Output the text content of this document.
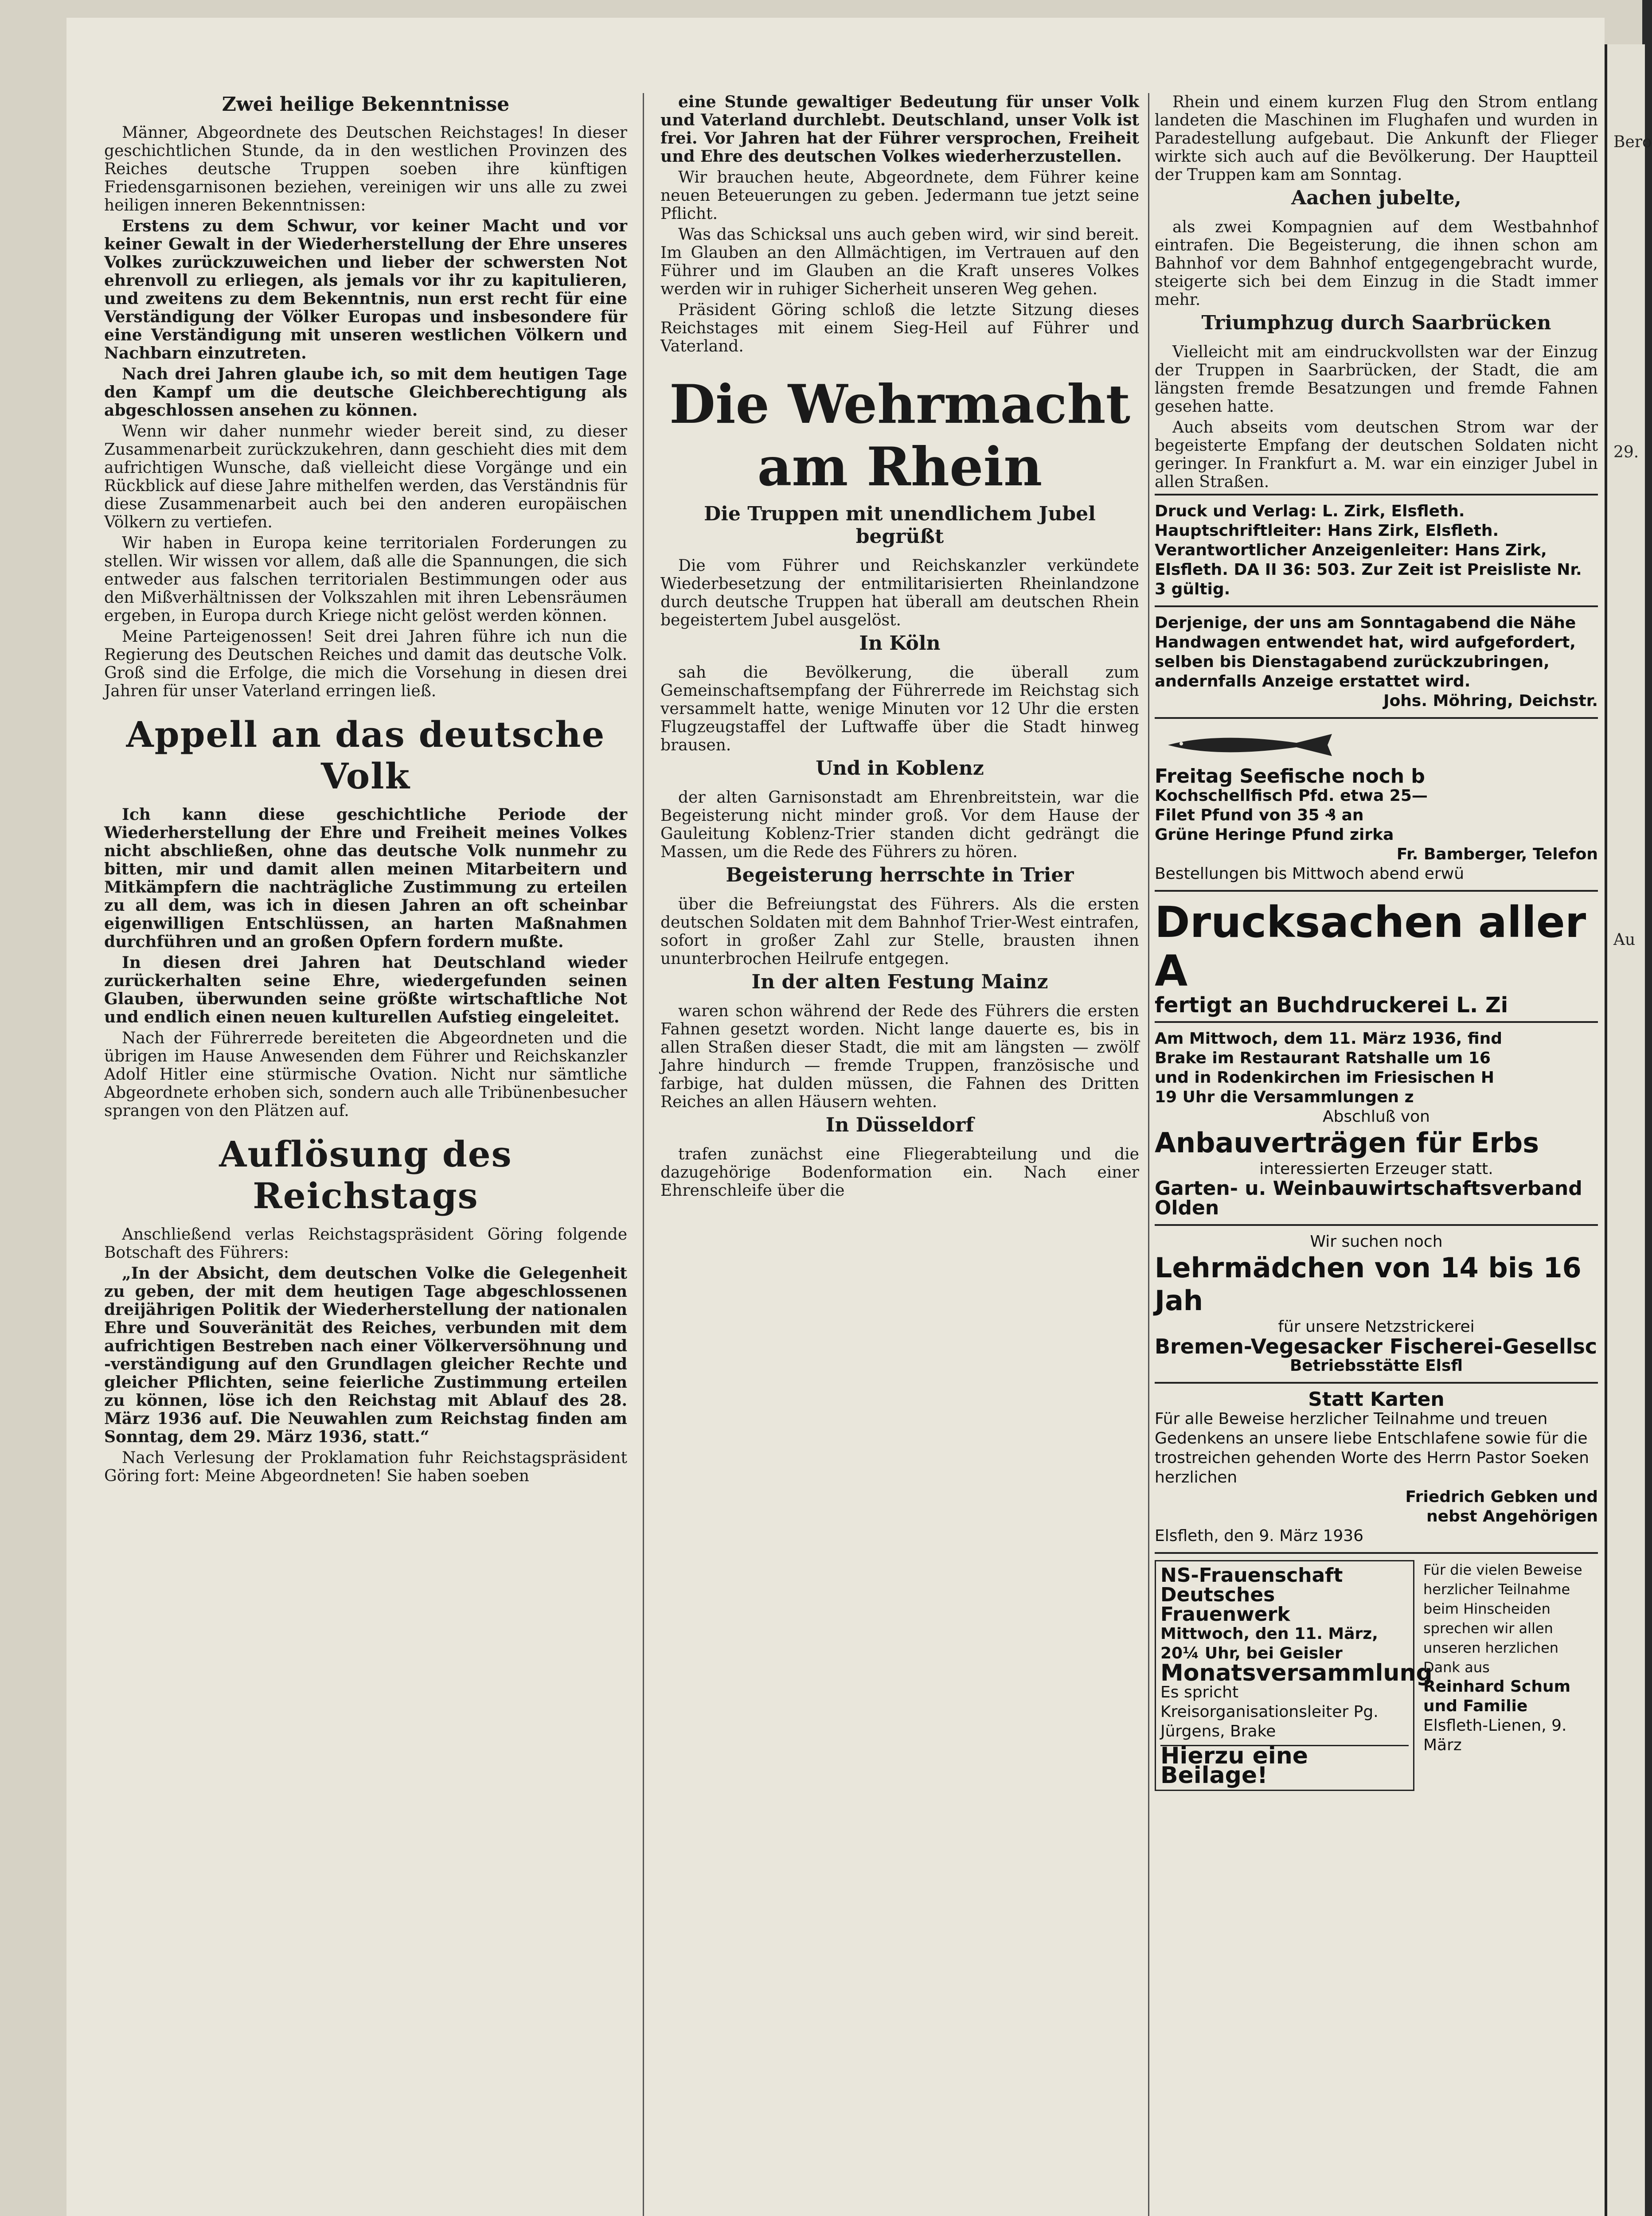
Bero
29.
Au
Zwei heilige Bekenntnisse

Männer, Abgeordnete des Deutschen Reichstages! In dieser geschichtlichen Stunde, da in den westlichen Provinzen des Reiches deutsche Truppen soeben ihre künftigen Friedensgarnisonen beziehen, vereinigen wir uns alle zu zwei heiligen inneren Bekenntnissen:

Erstens zu dem Schwur, vor keiner Macht und vor keiner Gewalt in der Wiederherstellung der Ehre unseres Volkes zurückzuweichen und lieber der schwersten Not ehrenvoll zu erliegen, als jemals vor ihr zu kapitulieren, und zweitens zu dem Bekenntnis, nun erst recht für eine Verständigung der Völker Europas und insbesondere für eine Verständigung mit unseren westlichen Völkern und Nachbarn einzutreten.

Nach drei Jahren glaube ich, so mit dem heutigen Tage den Kampf um die deutsche Gleichberechtigung als abgeschlossen ansehen zu können.

Wenn wir daher nunmehr wieder bereit sind, zu dieser Zusammenarbeit zurückzukehren, dann geschieht dies mit dem aufrichtigen Wunsche, daß vielleicht diese Vorgänge und ein Rückblick auf diese Jahre mithelfen werden, das Verständnis für diese Zusammenarbeit auch bei den anderen europäischen Völkern zu vertiefen.

Wir haben in Europa keine territorialen Forderungen zu stellen. Wir wissen vor allem, daß alle die Spannungen, die sich entweder aus falschen territorialen Bestimmungen oder aus den Mißverhältnissen der Volkszahlen mit ihren Lebensräumen ergeben, in Europa durch Kriege nicht gelöst werden können.

Meine Parteigenossen! Seit drei Jahren führe ich nun die Regierung des Deutschen Reiches und damit das deutsche Volk. Groß sind die Erfolge, die mich die Vorsehung in diesen drei Jahren für unser Vaterland erringen ließ.

Appell an das deutsche Volk

Ich kann diese geschichtliche Periode der Wiederherstellung der Ehre und Freiheit meines Volkes nicht abschließen, ohne das deutsche Volk nunmehr zu bitten, mir und damit allen meinen Mitarbeitern und Mitkämpfern die nachträgliche Zustimmung zu erteilen zu all dem, was ich in diesen Jahren an oft scheinbar eigenwilligen Entschlüssen, an harten Maßnahmen durchführen und an großen Opfern fordern mußte.

In diesen drei Jahren hat Deutschland wieder zurückerhalten seine Ehre, wiedergefunden seinen Glauben, überwunden seine größte wirtschaftliche Not und endlich einen neuen kulturellen Aufstieg eingeleitet.

Nach der Führerrede bereiteten die Abgeordneten und die übrigen im Hause Anwesenden dem Führer und Reichskanzler Adolf Hitler eine stürmische Ovation. Nicht nur sämtliche Abgeordnete erhoben sich, sondern auch alle Tribünenbesucher sprangen von den Plätzen auf.

Auflösung des Reichstags

Anschließend verlas Reichstagspräsident Göring folgende Botschaft des Führers:

„In der Absicht, dem deutschen Volke die Gelegenheit zu geben, der mit dem heutigen Tage abgeschlossenen dreijährigen Politik der Wiederherstellung der nationalen Ehre und Souveränität des Reiches, verbunden mit dem aufrichtigen Bestreben nach einer Völkerversöhnung und -verständigung auf den Grundlagen gleicher Rechte und gleicher Pflichten, seine feierliche Zustimmung erteilen zu können, löse ich den Reichstag mit Ablauf des 28. März 1936 auf. Die Neuwahlen zum Reichstag finden am Sonntag, dem 29. März 1936, statt.“

Nach Verlesung der Proklamation fuhr Reichstagspräsident Göring fort: Meine Abgeordneten! Sie haben soeben

eine Stunde gewaltiger Bedeutung für unser Volk und Vaterland durchlebt. Deutschland, unser Volk ist frei. Vor Jahren hat der Führer versprochen, Freiheit und Ehre des deutschen Volkes wiederherzustellen.

Wir brauchen heute, Abgeordnete, dem Führer keine neuen Beteuerungen zu geben. Jedermann tue jetzt seine Pflicht.

Was das Schicksal uns auch geben wird, wir sind bereit. Im Glauben an den Allmächtigen, im Vertrauen auf den Führer und im Glauben an die Kraft unseres Volkes werden wir in ruhiger Sicherheit unseren Weg gehen.

Präsident Göring schloß die letzte Sitzung dieses Reichstages mit einem Sieg-Heil auf Führer und Vaterland.

Die Wehrmacht am Rhein
Die Truppen mit unendlichem Jubel begrüßt

Die vom Führer und Reichskanzler verkündete Wiederbesetzung der entmilitarisierten Rheinlandzone durch deutsche Truppen hat überall am deutschen Rhein begeistertem Jubel ausgelöst.

In Köln

sah die Bevölkerung, die überall zum Gemeinschaftsempfang der Führerrede im Reichstag sich versammelt hatte, wenige Minuten vor 12 Uhr die ersten Flugzeugstaffel der Luftwaffe über die Stadt hinweg brausen.

Und in Koblenz

der alten Garnisonstadt am Ehrenbreitstein, war die Begeisterung nicht minder groß. Vor dem Hause der Gauleitung Koblenz-Trier standen dicht gedrängt die Massen, um die Rede des Führers zu hören.

Begeisterung herrschte in Trier

über die Befreiungstat des Führers. Als die ersten deutschen Soldaten mit dem Bahnhof Trier-West eintrafen, sofort in großer Zahl zur Stelle, brausten ihnen ununterbrochen Heilrufe entgegen.

In der alten Festung Mainz

waren schon während der Rede des Führers die ersten Fahnen gesetzt worden. Nicht lange dauerte es, bis in allen Straßen dieser Stadt, die mit am längsten — zwölf Jahre hindurch — fremde Truppen, französische und farbige, hat dulden müssen, die Fahnen des Dritten Reiches an allen Häusern wehten.

In Düsseldorf

trafen zunächst eine Fliegerabteilung und die dazugehörige Bodenformation ein. Nach einer Ehrenschleife über die

Rhein und einem kurzen Flug den Strom entlang landeten die Maschinen im Flughafen und wurden in Paradestellung aufgebaut. Die Ankunft der Flieger wirkte sich auch auf die Bevölkerung. Der Hauptteil der Truppen kam am Sonntag.

Aachen jubelte,

als zwei Kompagnien auf dem Westbahnhof eintrafen. Die Begeisterung, die ihnen schon am Bahnhof vor dem Bahnhof entgegengebracht wurde, steigerte sich bei dem Einzug in die Stadt immer mehr.

Triumphzug durch Saarbrücken

Vielleicht mit am eindruckvollsten war der Einzug der Truppen in Saarbrücken, der Stadt, die am längsten fremde Besatzungen und fremde Fahnen gesehen hatte.

Auch abseits vom deutschen Strom war der begeisterte Empfang der deutschen Soldaten nicht geringer. In Frankfurt a. M. war ein einziger Jubel in allen Straßen.

Druck und Verlag: L. Zirk, Elsfleth. Hauptschriftleiter: Hans Zirk, Elsfleth. Verantwortlicher Anzeigenleiter: Hans Zirk, Elsfleth. DA II 36: 503. Zur Zeit ist Preisliste Nr. 3 gültig.
Derjenige, der uns am Sonntagabend die Nähe Handwagen entwendet hat, wird aufgefordert, selben bis Dienstagabend zurückzubringen, andernfalls Anzeige erstattet wird.
Johs. Möhring, Deichstr.
Freitag Seefische noch b
Kochschellfisch Pfd. etwa 25—
Filet Pfund von 35 ₰ an
Grüne Heringe Pfund zirka
Fr. Bamberger, Telefon
Bestellungen bis Mittwoch abend erwü
Drucksachen aller A
fertigt an Buchdruckerei L. Zi
Am Mittwoch, dem 11. März 1936, find
Brake im Restaurant Ratshalle um 16
und in Rodenkirchen im Friesischen H
19 Uhr die Versammlungen z
Abschluß von
Anbauverträgen für Erbs
interessierten Erzeuger statt.
Garten- u. Weinbauwirtschaftsverband Olden
Wir suchen noch
Lehrmädchen von 14 bis 16 Jah
für unsere Netzstrickerei
Bremen-Vegesacker Fischerei-Gesellsc
Betriebsstätte Elsfl
Statt Karten
Für alle Beweise herzlicher Teilnahme und treuen Gedenkens an unsere liebe Entschlafene sowie für die trostreichen gehenden Worte des Herrn Pastor Soeken herzlichen
Friedrich Gebken und
nebst Angehörigen
Elsfleth, den 9. März 1936
NS-Frauenschaft
Deutsches Frauenwerk
Mittwoch, den 11. März, 20¼ Uhr, bei Geisler
Monatsversammlung
Es spricht Kreisorganisationsleiter Pg. Jürgens, Brake
Hierzu eine Beilage!
Für die vielen Beweise herzlicher Teilnahme beim Hinscheiden sprechen wir allen unseren herzlichen Dank aus
Reinhard Schum und Familie
Elsfleth-Lienen, 9. März
